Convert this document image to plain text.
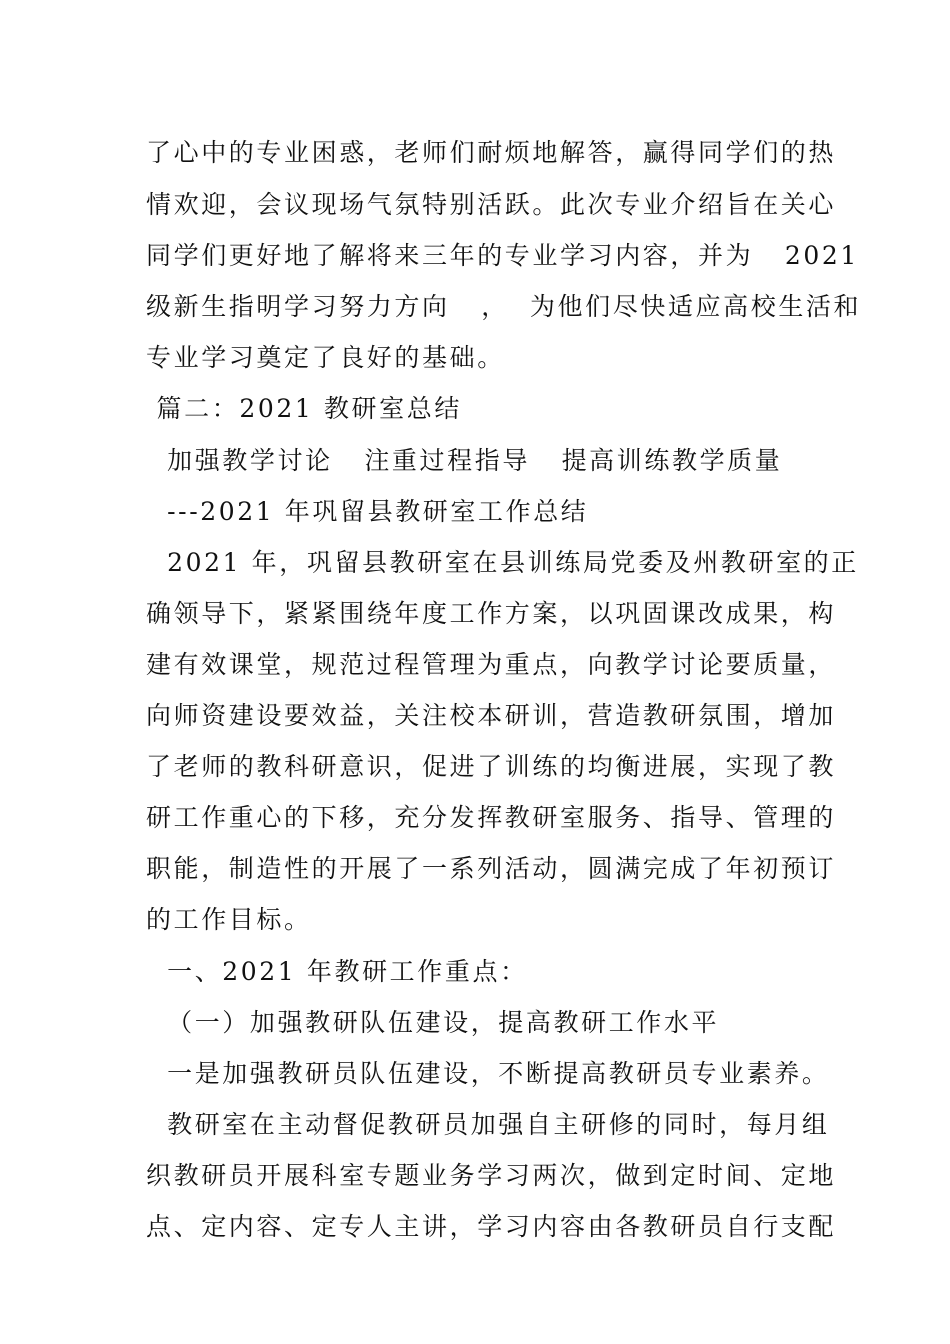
了心中的专业困惑，老师们耐烦地解答，赢得同学们的热
情欢迎，会议现场气氛特别活跃。此次专业介绍旨在关心
同学们更好地了解将来三年的专业学习内容，并为   2021
级新生指明学习努力方向   ，  为他们尽快适应高校生活和
专业学习奠定了良好的基础。
篇二：2021 教研室总结
加强教学讨论   注重过程指导   提高训练教学质量
---2021 年巩留县教研室工作总结
2021 年，巩留县教研室在县训练局党委及州教研室的正
确领导下，紧紧围绕年度工作方案，以巩固课改成果，构
建有效课堂，规范过程管理为重点，向教学讨论要质量，
向师资建设要效益，关注校本研训，营造教研氛围，增加
了老师的教科研意识，促进了训练的均衡进展，实现了教
研工作重心的下移，充分发挥教研室服务、指导、管理的
职能，制造性的开展了一系列活动，圆满完成了年初预订
的工作目标。
一、2021 年教研工作重点：
（一）加强教研队伍建设，提高教研工作水平
一是加强教研员队伍建设，不断提高教研员专业素养。
教研室在主动督促教研员加强自主研修的同时，每月组
织教研员开展科室专题业务学习两次，做到定时间、定地
点、定内容、定专人主讲，学习内容由各教研员自行支配
